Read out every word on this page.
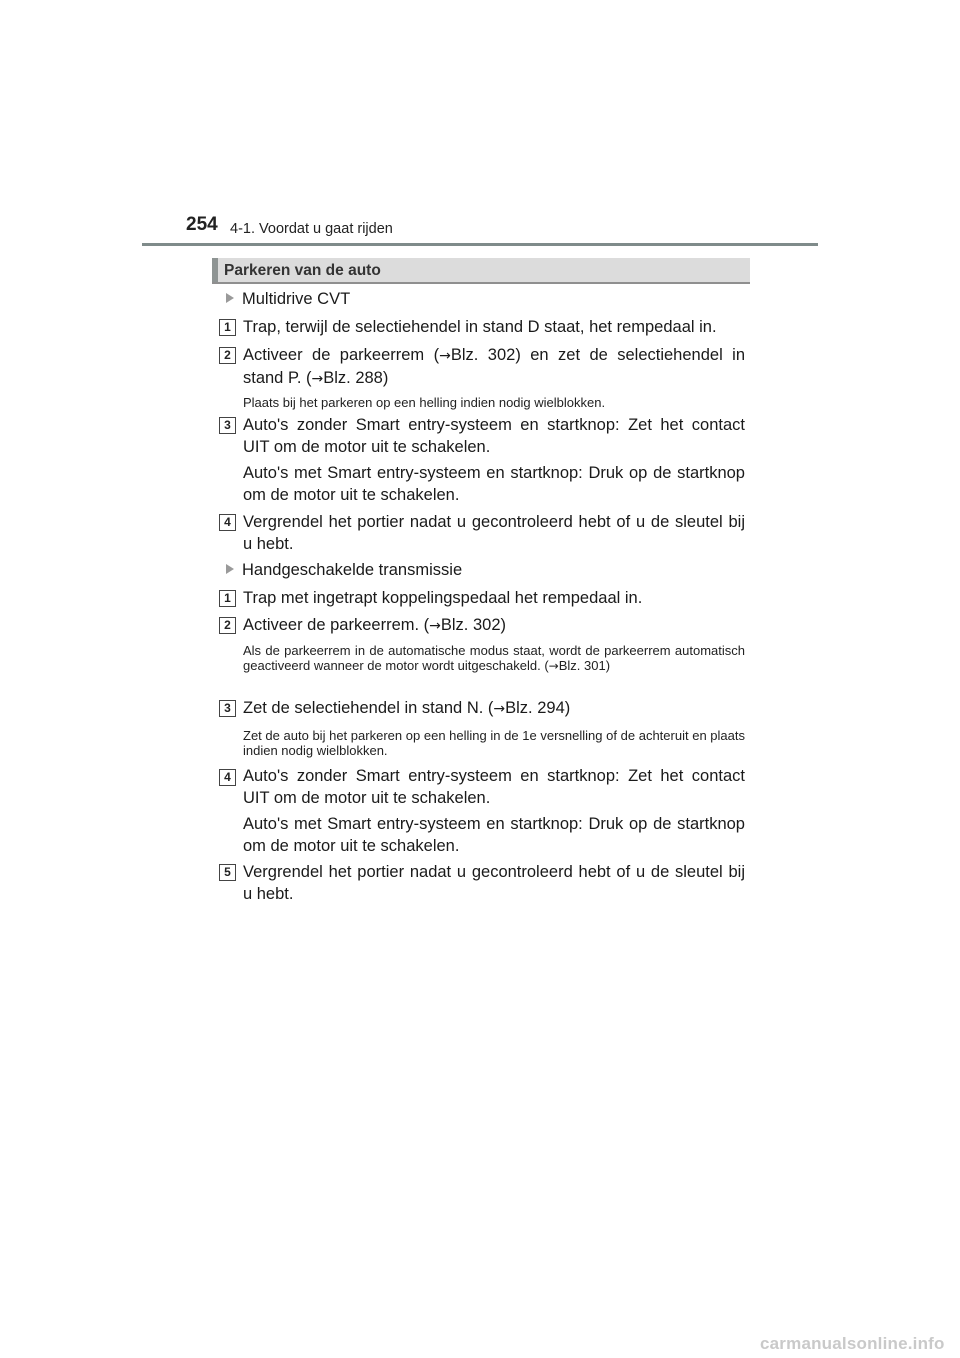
254 4-1. Voordat u gaat rijden
Parkeren van de auto
Multidrive CVT
1 Trap, terwijl de selectiehendel in stand D staat, het rempedaal in.
2 Activeer de parkeerrem (→Blz. 302) en zet de selectiehendel in stand P. (→Blz. 288)
Plaats bij het parkeren op een helling indien nodig wielblokken.
3 Auto's zonder Smart entry-systeem en startknop: Zet het contact UIT om de motor uit te schakelen.
Auto's met Smart entry-systeem en startknop: Druk op de startknop om de motor uit te schakelen.
4 Vergrendel het portier nadat u gecontroleerd hebt of u de sleutel bij u hebt.
Handgeschakelde transmissie
1 Trap met ingetrapt koppelingspedaal het rempedaal in.
2 Activeer de parkeerrem. (→Blz. 302)
Als de parkeerrem in de automatische modus staat, wordt de parkeerrem automatisch geactiveerd wanneer de motor wordt uitgeschakeld. (→Blz. 301)
3 Zet de selectiehendel in stand N. (→Blz. 294)
Zet de auto bij het parkeren op een helling in de 1e versnelling of de achteruit en plaats indien nodig wielblokken.
4 Auto's zonder Smart entry-systeem en startknop: Zet het contact UIT om de motor uit te schakelen.
Auto's met Smart entry-systeem en startknop: Druk op de startknop om de motor uit te schakelen.
5 Vergrendel het portier nadat u gecontroleerd hebt of u de sleutel bij u hebt.
carmanualsonline.info
